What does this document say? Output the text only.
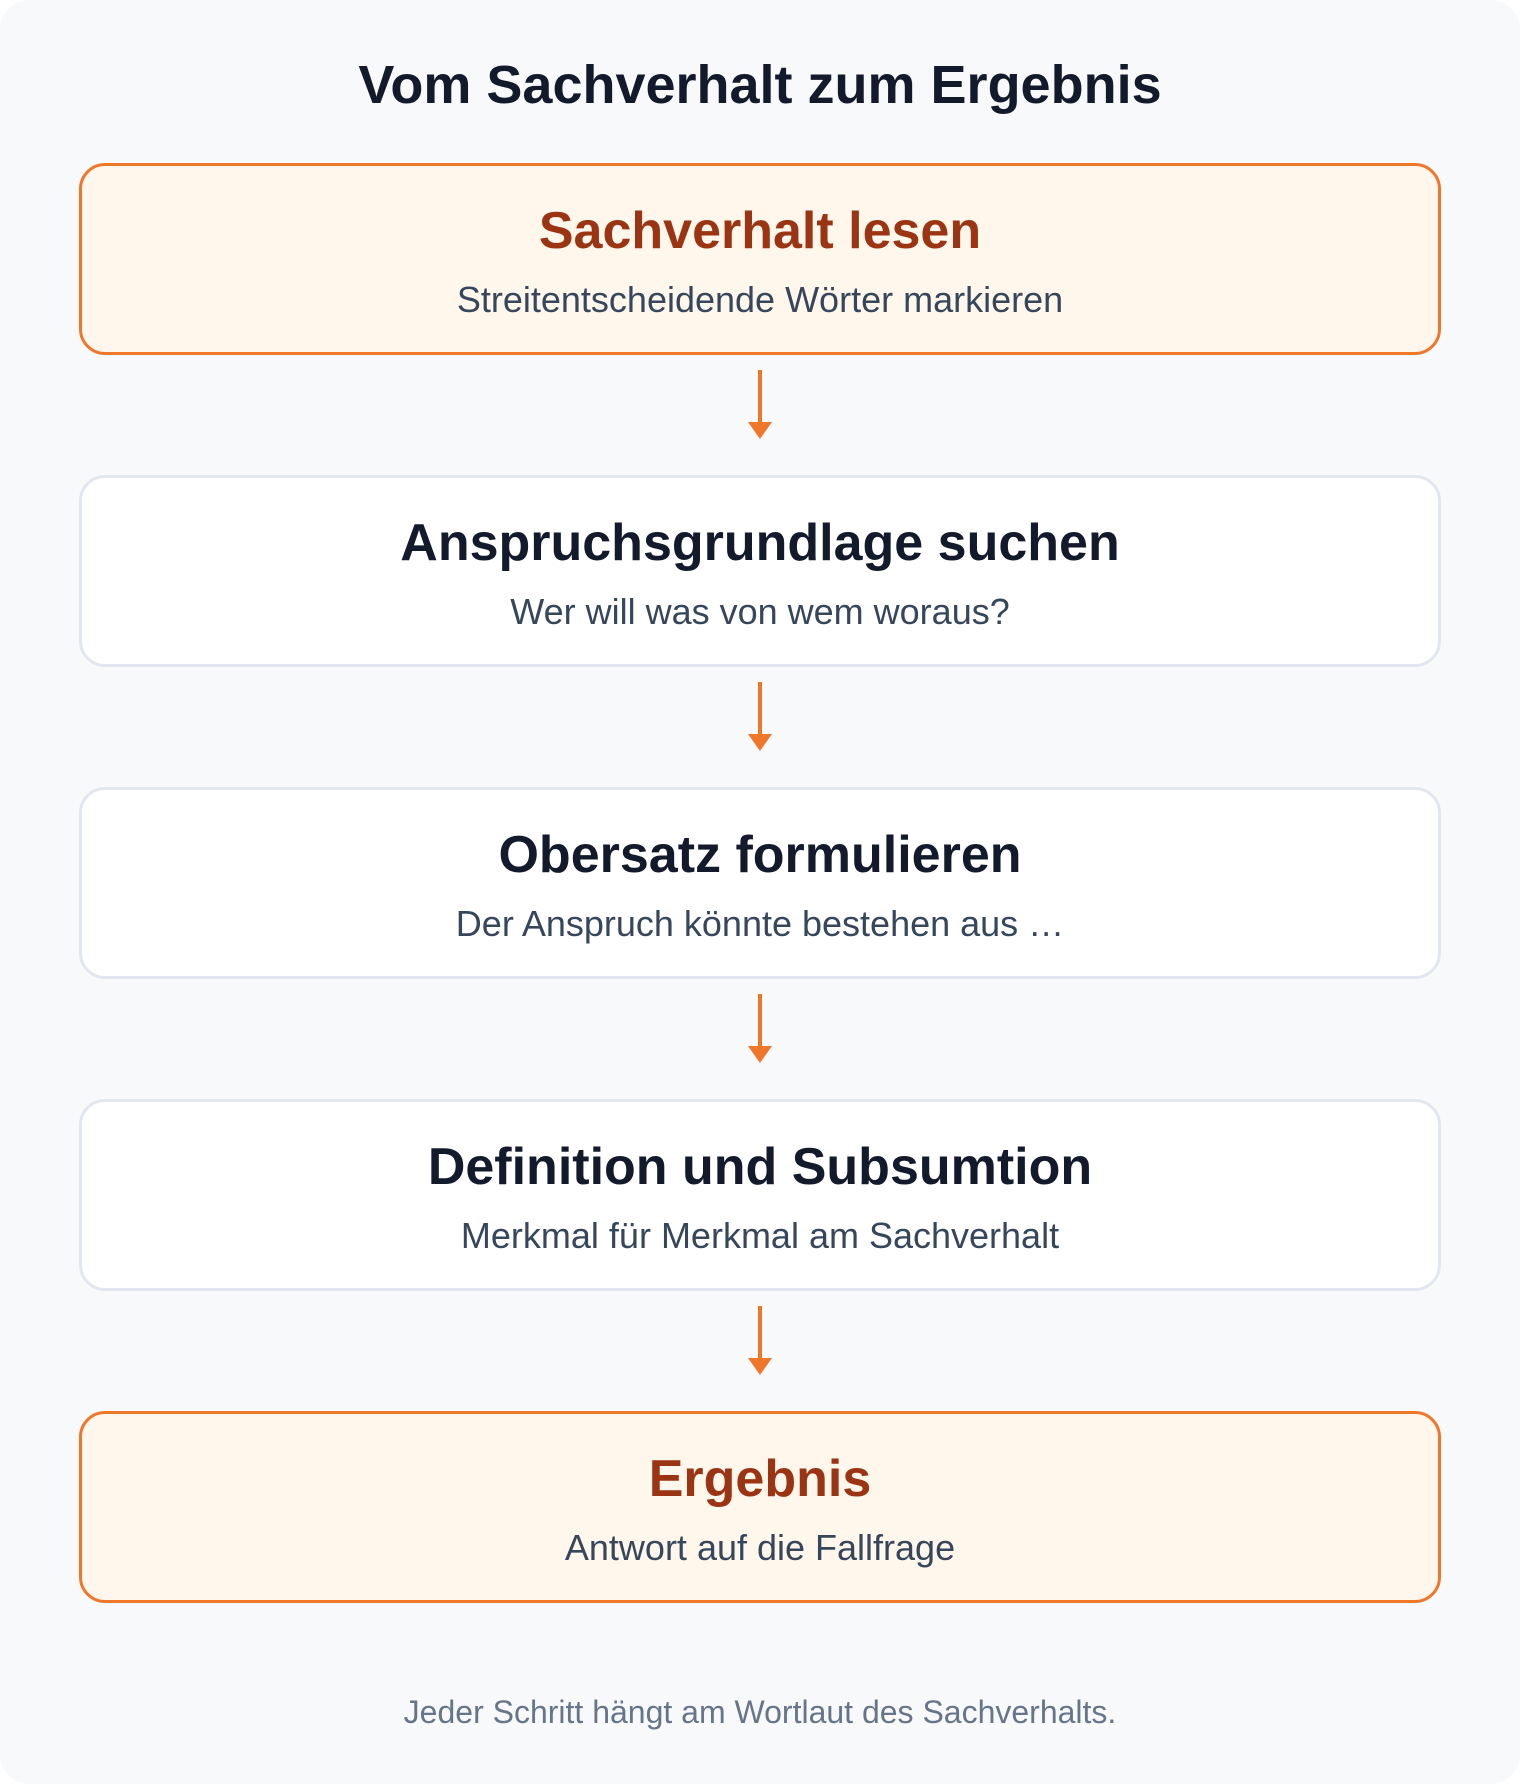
Vom Sachverhalt zum Ergebnis
Sachverhalt lesen
Streitentscheidende Wörter markieren
Anspruchsgrundlage suchen
Wer will was von wem woraus?
Obersatz formulieren
Der Anspruch könnte bestehen aus …
Definition und Subsumtion
Merkmal für Merkmal am Sachverhalt
Ergebnis
Antwort auf die Fallfrage
Jeder Schritt hängt am Wortlaut des Sachverhalts.
